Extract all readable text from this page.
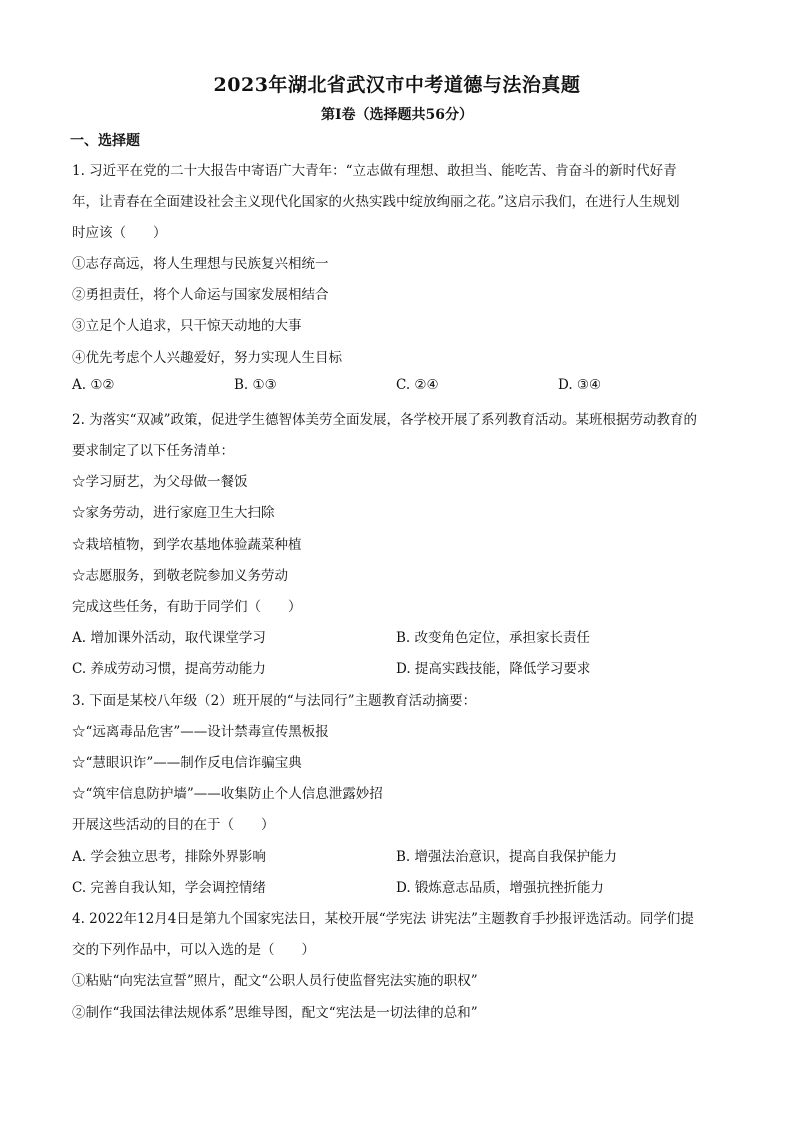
2023年湖北省武汉市中考道德与法治真题
第Ⅰ卷（选择题共56分）
一、选择题
1. 习近平在党的二十大报告中寄语广大青年：“立志做有理想、敢担当、能吃苦、肯奋斗的新时代好青
年，让青春在全面建设社会主义现代化国家的火热实践中绽放绚丽之花。”这启示我们，在进行人生规划
时应该（　　）
①志存高远，将人生理想与民族复兴相统一
②勇担责任，将个人命运与国家发展相结合
③立足个人追求，只干惊天动地的大事
④优先考虑个人兴趣爱好，努力实现人生目标
A. ①②	B. ①③	C. ②④	D. ③④
2. 为落实“双减”政策，促进学生德智体美劳全面发展，各学校开展了系列教育活动。某班根据劳动教育的
要求制定了以下任务清单：
☆学习厨艺，为父母做一餐饭
☆家务劳动，进行家庭卫生大扫除
☆栽培植物，到学农基地体验蔬菜种植
☆志愿服务，到敬老院参加义务劳动
完成这些任务，有助于同学们（　　）
A. 增加课外活动，取代课堂学习	B. 改变角色定位，承担家长责任
C. 养成劳动习惯，提高劳动能力	D. 提高实践技能，降低学习要求
3. 下面是某校八年级（2）班开展的“与法同行”主题教育活动摘要：
☆“远离毒品危害”——设计禁毒宣传黑板报
☆“慧眼识诈”——制作反电信诈骗宝典
☆“筑牢信息防护墙”——收集防止个人信息泄露妙招
开展这些活动的目的在于（　　）
A. 学会独立思考，排除外界影响	B. 增强法治意识，提高自我保护能力
C. 完善自我认知，学会调控情绪	D. 锻炼意志品质，增强抗挫折能力
4. 2022年12月4日是第九个国家宪法日，某校开展“学宪法 讲宪法”主题教育手抄报评选活动。同学们提
交的下列作品中，可以入选的是（　　）
①粘贴“向宪法宣誓”照片，配文“公职人员行使监督宪法实施的职权”
②制作“我国法律法规体系”思维导图，配文“宪法是一切法律的总和”
